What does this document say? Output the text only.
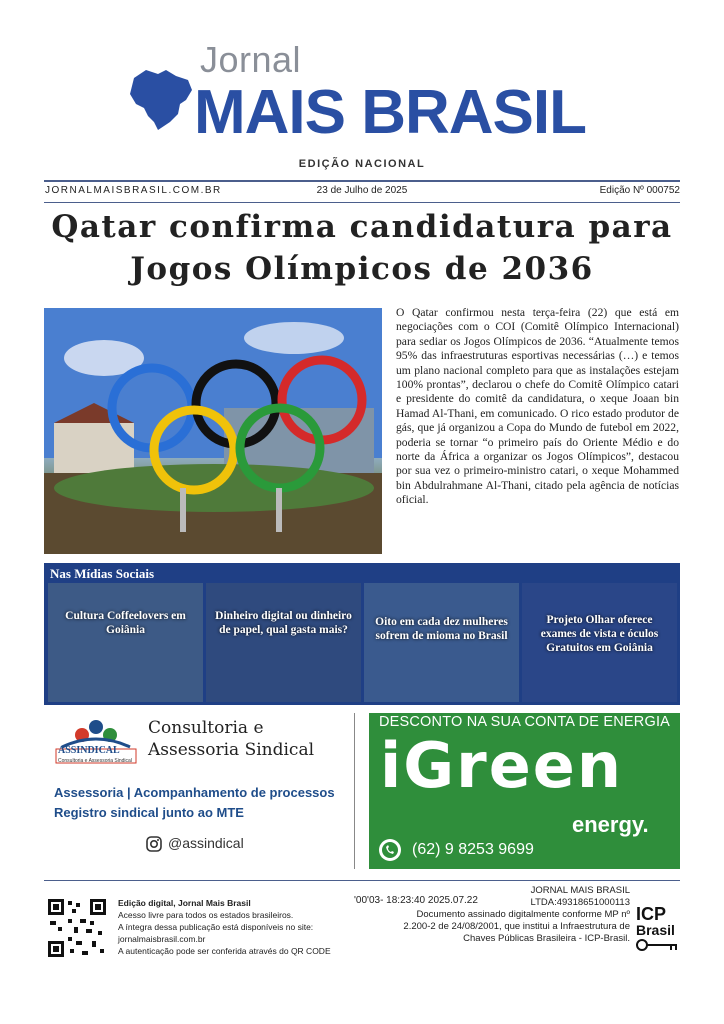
Jornal
MAIS BRASIL
EDIÇÃO NACIONAL
JORNALMAISBRASIL.COM.BR	23 de Julho de 2025	Edição Nº 000752
Qatar confirma candidatura para
Jogos Olímpicos de 2036
O Qatar confirmou nesta terça-feira (22) que está em negociações com o COI (Comitê Olímpico Internacional) para sediar os Jogos Olímpicos de 2036. “Atualmente temos 95% das infraestruturas esportivas necessárias (…) e temos um plano nacional completo para que as instalações estejam 100% prontas”, declarou o chefe do Comitê Olímpico catari e presidente do comitê da candidatura, o xeque Joaan bin Hamad Al-Thani, em comunicado. O rico estado produtor de gás, que já organizou a Copa do Mundo de futebol em 2022, poderia se tornar “o primeiro país do Oriente Médio e do norte da África a organizar os Jogos Olímpicos”, destacou por sua vez o primeiro-ministro catari, o xeque Mohammed bin Abdulrahmane Al-Thani, citado pela agência de notícias oficial.
Nas Mídias Sociais
Cultura Coffeelovers em Goiânia
Dinheiro digital ou dinheiro de papel, qual gasta mais?
Oito em cada dez mulheres sofrem de mioma no Brasil
Projeto Olhar oferece exames de vista e óculos Gratuitos em Goiânia
ASSINDICAL
Consultoria e Assessoria Sindical
Consultoria e
Assessoria Sindical
Assessoria | Acompanhamento de processos
Registro sindical junto ao MTE
@assindical
DESCONTO NA SUA CONTA DE ENERGIA
iGreen
energy.
(62) 9 8253 9699
Edição digital, Jornal Mais Brasil
Acesso livre para todos os estados brasileiros.
A íntegra dessa publicação está disponíveis no site:
jornalmaisbrasil.com.br
A autenticação pode ser conferida através do QR CODE
'00'03- 18:23:40 2025.07.22
JORNAL MAIS BRASIL
LTDA:49318651000113
Documento assinado digitalmente conforme MP nº
2.200-2 de 24/08/2001, que institui a Infraestrutura de
Chaves Públicas Brasileira - ICP-Brasil.
ICP
Brasil
